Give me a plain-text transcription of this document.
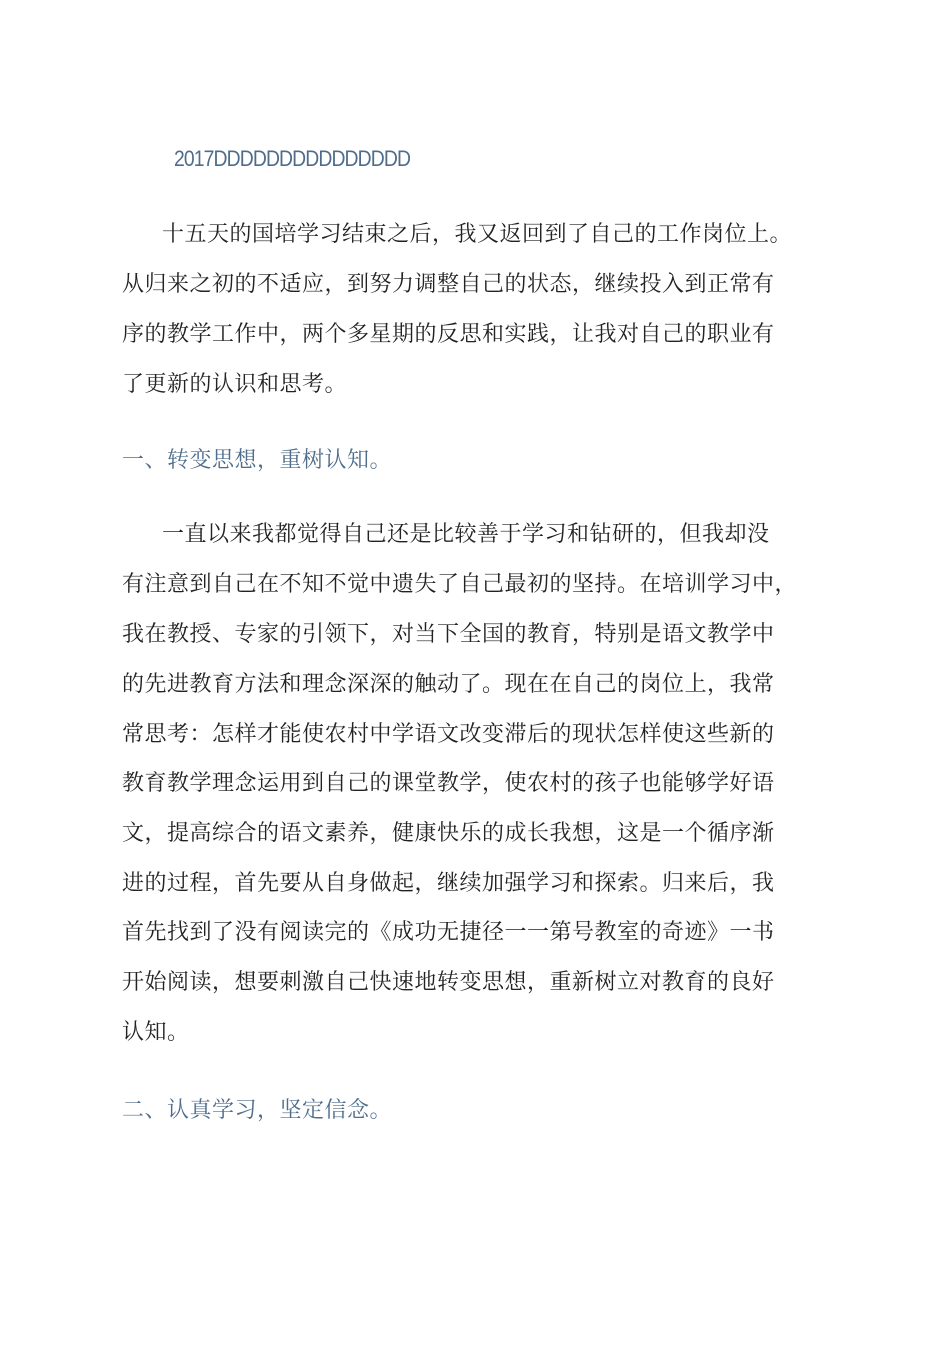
2017DDDDDDDDDDDDDDD
十五天的国培学习结束之后，我又返回到了自己的工作岗位上。
从归来之初的不适应，到努力调整自己的状态，继续投入到正常有
序的教学工作中，两个多星期的反思和实践，让我对自己的职业有
了更新的认识和思考。
一、转变思想，重树认知。
一直以来我都觉得自己还是比较善于学习和钻研的，但我却没
有注意到自己在不知不觉中遗失了自己最初的坚持。在培训学习中，
我在教授、专家的引领下，对当下全国的教育，特别是语文教学中
的先进教育方法和理念深深的触动了。现在在自己的岗位上，我常
常思考：怎样才能使农村中学语文改变滞后的现状怎样使这些新的
教育教学理念运用到自己的课堂教学，使农村的孩子也能够学好语
文，提高综合的语文素养，健康快乐的成长我想，这是一个循序渐
进的过程，首先要从自身做起，继续加强学习和探索。归来后，我
首先找到了没有阅读完的《成功无捷径一一第号教室的奇迹》一书
开始阅读，想要刺激自己快速地转变思想，重新树立对教育的良好
认知。
二、认真学习，坚定信念。
